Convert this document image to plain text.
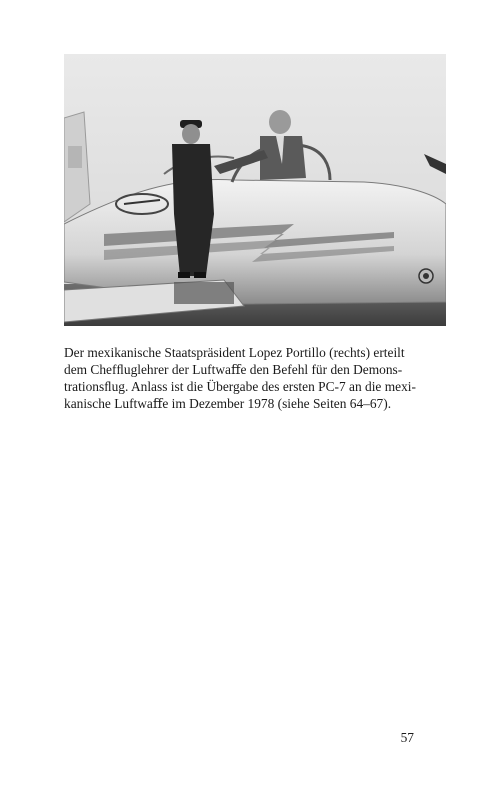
Der mexikanische Staatspräsident Lopez Portillo (rechts) erteilt
dem Chefﬂuglehrer der Luftwaﬀe den Befehl für den Demons-
trationsﬂug. Anlass ist die Übergabe des ersten PC-7 an die mexi-
kanische Luftwaﬀe im Dezember 1978 (siehe Seiten 64–67).

57
